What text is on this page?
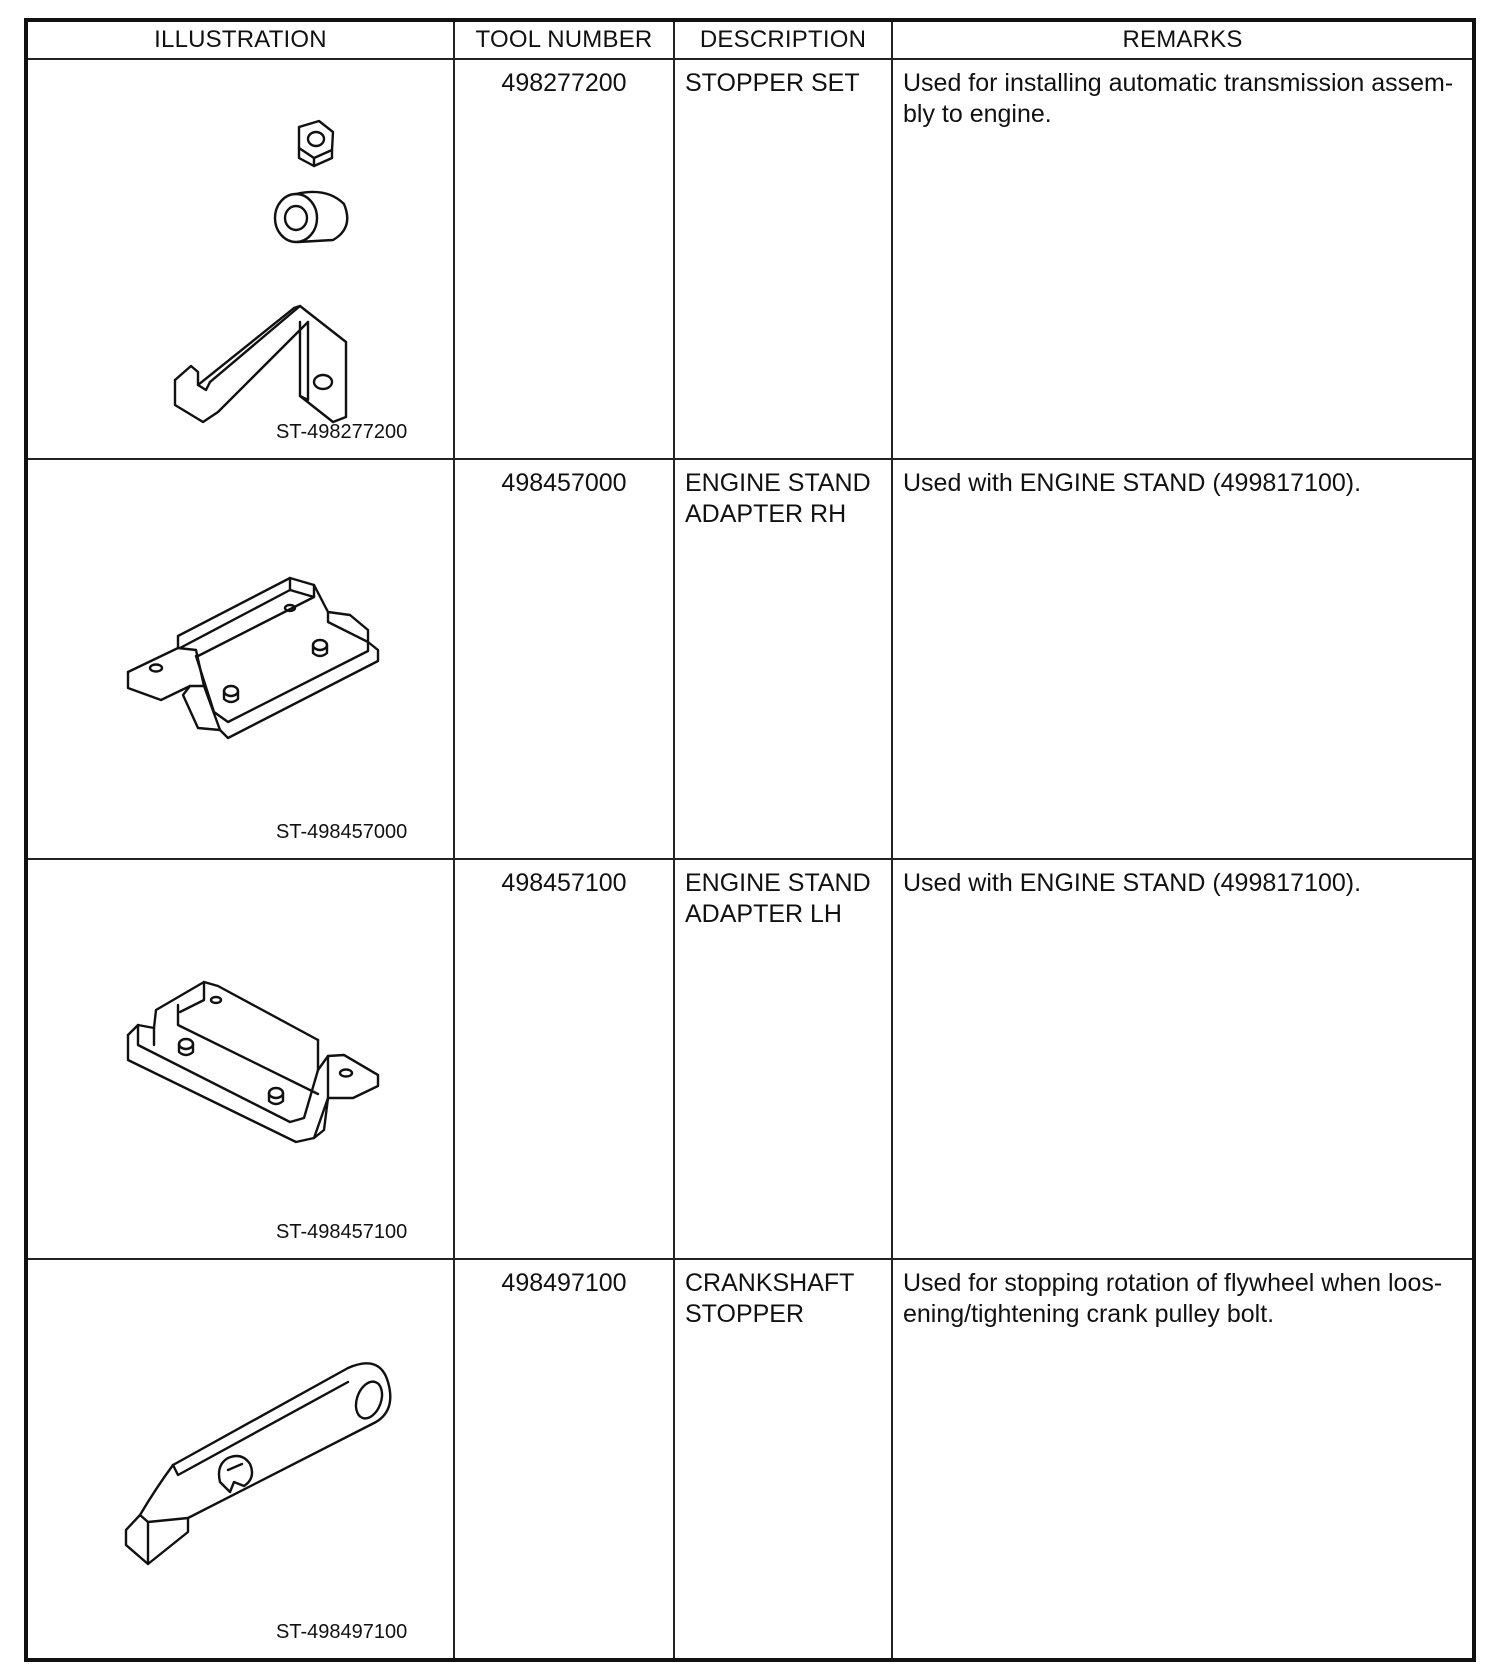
ILLUSTRATION	TOOL NUMBER	DESCRIPTION	REMARKS

ST-498277200	498277200	STOPPER SET	Used for installing automatic transmission assem-
bly to engine.

ST-498457000	498457000	ENGINE STAND
ADAPTER RH	Used with ENGINE STAND (499817100).

ST-498457100	498457100	ENGINE STAND
ADAPTER LH	Used with ENGINE STAND (499817100).

ST-498497100	498497100	CRANKSHAFT
STOPPER	Used for stopping rotation of flywheel when loos-
ening/tightening crank pulley bolt.
